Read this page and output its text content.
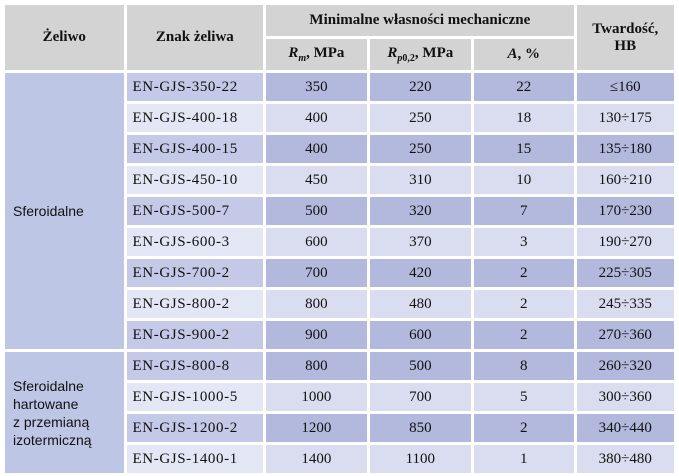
Żeliwo	Znak żeliwa	Minimalne własności mechaniczne			Twardość,
HB
		$R_m$, MPa	$R_{p0,2}$, MPa	A, %	
Sferoidalne	EN-GJS-350-22	350	220	22	≤160
	EN-GJS-400-18	400	250	18	130÷175
	EN-GJS-400-15	400	250	15	135÷180
	EN-GJS-450-10	450	310	10	160÷210
	EN-GJS-500-7	500	320	7	170÷230
	EN-GJS-600-3	600	370	3	190÷270
	EN-GJS-700-2	700	420	2	225÷305
	EN-GJS-800-2	800	480	2	245÷335
	EN-GJS-900-2	900	600	2	270÷360
Sferoidalne
hartowane
z przemianą
izotermiczną	EN-GJS-800-8	800	500	8	260÷320
	EN-GJS-1000-5	1000	700	5	300÷360
	EN-GJS-1200-2	1200	850	2	340÷440
	EN-GJS-1400-1	1400	1100	1	380÷480
